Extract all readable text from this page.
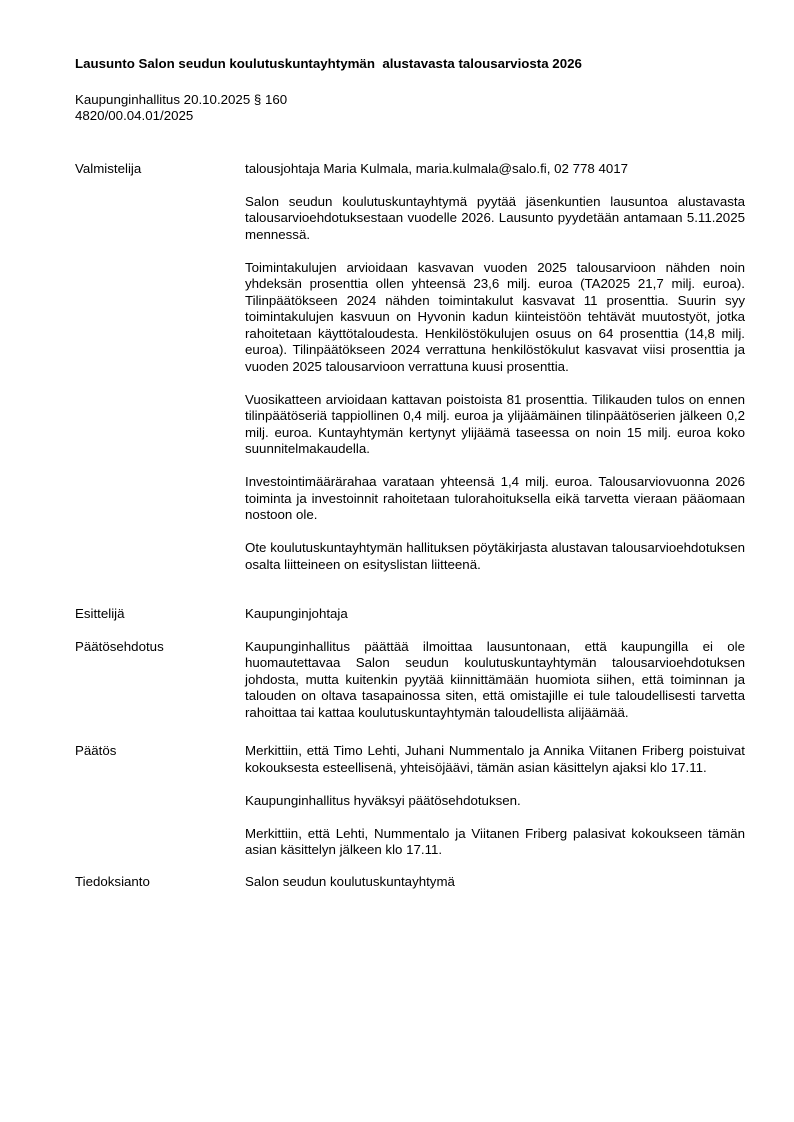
Lausunto Salon seudun koulutuskuntayhtymän  alustavasta talousarviosta 2026
Kaupunginhallitus 20.10.2025 § 160
4820/00.04.01/2025
Valmistelija	talousjohtaja Maria Kulmala, maria.kulmala@salo.fi, 02 778 4017

Salon seudun koulutuskuntayhtymä pyytää jäsenkuntien lausuntoa alustavasta talousarvioehdotuksestaan vuodelle 2026. Lausunto pyydetään antamaan 5.11.2025 mennessä.

Toimintakulujen arvioidaan kasvavan vuoden 2025 talousarvioon nähden noin yhdeksän prosenttia ollen yhteensä 23,6 milj. euroa (TA2025 21,7 milj. euroa). Tilinpäätökseen 2024 nähden toimintakulut kasvavat 11 prosenttia. Suurin syy toimintakulujen kasvuun on Hyvonin kadun kiinteistöön tehtävät muutostyöt, jotka rahoitetaan käyttötaloudesta. Henkilöstökulujen osuus on 64 prosenttia (14,8 milj. euroa). Tilinpäätökseen 2024 verrattuna henkilöstökulut kasvavat viisi prosenttia ja vuoden 2025 talousarvioon verrattuna kuusi prosenttia.

Vuosikatteen arvioidaan kattavan poistoista 81 prosenttia. Tilikauden tulos on ennen tilinpäätöseriä tappiollinen 0,4 milj. euroa ja ylijäämäinen tilinpäätöserien jälkeen 0,2 milj. euroa. Kuntayhtymän kertynyt ylijäämä taseessa on noin 15 milj. euroa koko suunnitelmakaudella.

Investointimäärärahaa varataan yhteensä 1,4 milj. euroa. Talousarviovuonna 2026 toiminta ja investoinnit rahoitetaan tulorahoituksella eikä tarvetta vieraan pääomaan nostoon ole.

Ote koulutuskuntayhtymän hallituksen pöytäkirjasta alustavan talousarvioehdotuksen osalta liitteineen on esityslistan liitteenä.

Esittelijä	Kaupunginjohtaja

Päätösehdotus	Kaupunginhallitus päättää ilmoittaa lausuntonaan, että kaupungilla ei ole huomautettavaa Salon seudun koulutuskuntayhtymän talousarvioehdotuksen johdosta, mutta kuitenkin pyytää kiinnittämään huomiota siihen, että toiminnan ja talouden on oltava tasapainossa siten, että omistajille ei tule taloudellisesti tarvetta rahoittaa tai kattaa koulutuskuntayhtymän taloudellista alijäämää.

Päätös	Merkittiin, että Timo Lehti, Juhani Nummentalo ja Annika Viitanen Friberg poistuivat kokouksesta esteellisenä, yhteisöjäävi, tämän asian käsittelyn ajaksi klo 17.11.

Kaupunginhallitus hyväksyi päätösehdotuksen.

Merkittiin, että Lehti, Nummentalo ja Viitanen Friberg palasivat kokoukseen tämän asian käsittelyn jälkeen klo 17.11.

Tiedoksianto	Salon seudun koulutuskuntayhtymä
